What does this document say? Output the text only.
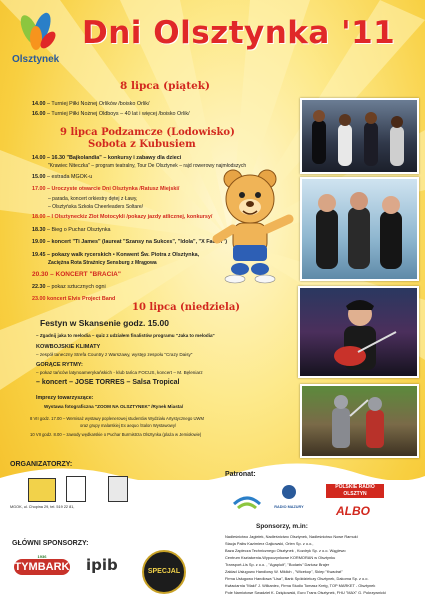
Olsztynek
Dni Olsztynka '11
8 lipca (piątek)
14.00 – Turniej Piłki Nożnej Orlików /boisko Orlik/
16.00 – Turniej Piłki Nożnej Oldboys – 40 lat i więcej /boisko Orlik/
9 lipca Podzamcze (Lodowisko)
Sobota z Kubusiem
14.00 – 16.30 "Bajkolandia" – konkursy i zabawy dla dzieci
"Krawiec Niteczka" – program teatralny, Tour De Olsztynek – rajd rowerowy najmłodszych
15.00 – estrada MGOK-u
17.00 – Uroczyste otwarcie Dni Olsztynka /Ratusz Miejski/
– parada, koncert orkiestry dętej z Ławy,
– Olsztyńska Szkoła Cheerleaders Soltare/
18.00 – I Olsztyneckiz Zlot Motocykli /pokazy jazdy atlicznej, konkursy/
18.30 – Bieg o Puchar Olsztynka
19.00 – koncert "Ti James" (laureat "Szansy na Sukces", "Idola", "X Factor")
19.45 – pokazy walk rycerskich • Konwent Św. Piotra z Olsztynka,
Zaciężna Rota Strażnicy Sensburg z Mrągowa
20.30 – KONCERT "BRACIA"
22.30 – pokaz sztucznych ogni
23.00 koncert Elvis Project Band
10 lipca (niedziela)
Festyn w Skansenie godz. 15.00
– Zgadnij jaka to melodia – quiz z udziałem finalistów programu "Jaka to melodia"
KOWBOJSKIE KLIMATY
– zespół taneczny Strefa Country z Warszawy, występ zespołu "Crazy Daisy"
GORĄCE RYTMY:
– pokaz tańców latynoamerykańskich - klub tańca FOCUS, koncert – M. Bęleniarz
– koncert – JOSE TORRES – Salsa Tropical
Imprezy towarzyszące:
Wystawa fotograficzna "ZOOM NA OLSZTYNEK" /Rynek Miasta/
8 VII godz. 17.00 – Wernisaż wystawy poplenerowej studentów Wydziału Artystycznego UWM
oraz grupy malarskiej Ex aequo /Salon Wystawowy/
10 VII godz. 8.00 – zawody wędkarskie o Puchar Burmistrza Olsztynka (plaża w Jemiołowie)
ORGANIZATORZY:
MGOK, ul. Chopina 29, tel. 519 22 81,
Patronat:
RADIO MAZURY
POLSKIE RADIO OLSZTYN
ALBO
Sponsorzy, m.in:
Nadleśnictwo Jagiełek, Nadleśnictwo Olsztynek, Nadleśnictwo Nowe Ramuki
Stacja Paliw Kazimierz Gajkowski, Orlen Sp. z o.o.,
Baza Zaplecza Technicznego Olsztynek , Kozdryk Sp. z o.o. Wąglewo
Centrum Kształcenia-Wypoczynkowe KORMORAN w Olsztynku
Transport-Lis Sp. z o.o. , "Agapluit", "Bodaris" Dariusz Brajer
Zakład Usługowo Handlowy W. Miklich , "Wicekop", Sklep "Kwadrat"
Firma Usługowo Handlowa "Lisa", Bank Spółdzielczy Olsztynek, Dakoma Sp. z o.o.
Kwiaciarnia "Maki" J. Wilkaniec, Firma Studio Tomasz Kreig, TOP MARKET - Olsztynek
Pole Namiotowe Swadzieł K. Dziękowski, Euro Trans Olsztynek, FHU "MAX" G. Pokrzywnicki
GŁÓWNI SPONSORZY:
1936
TYMBARK ipib	SPECJAL
